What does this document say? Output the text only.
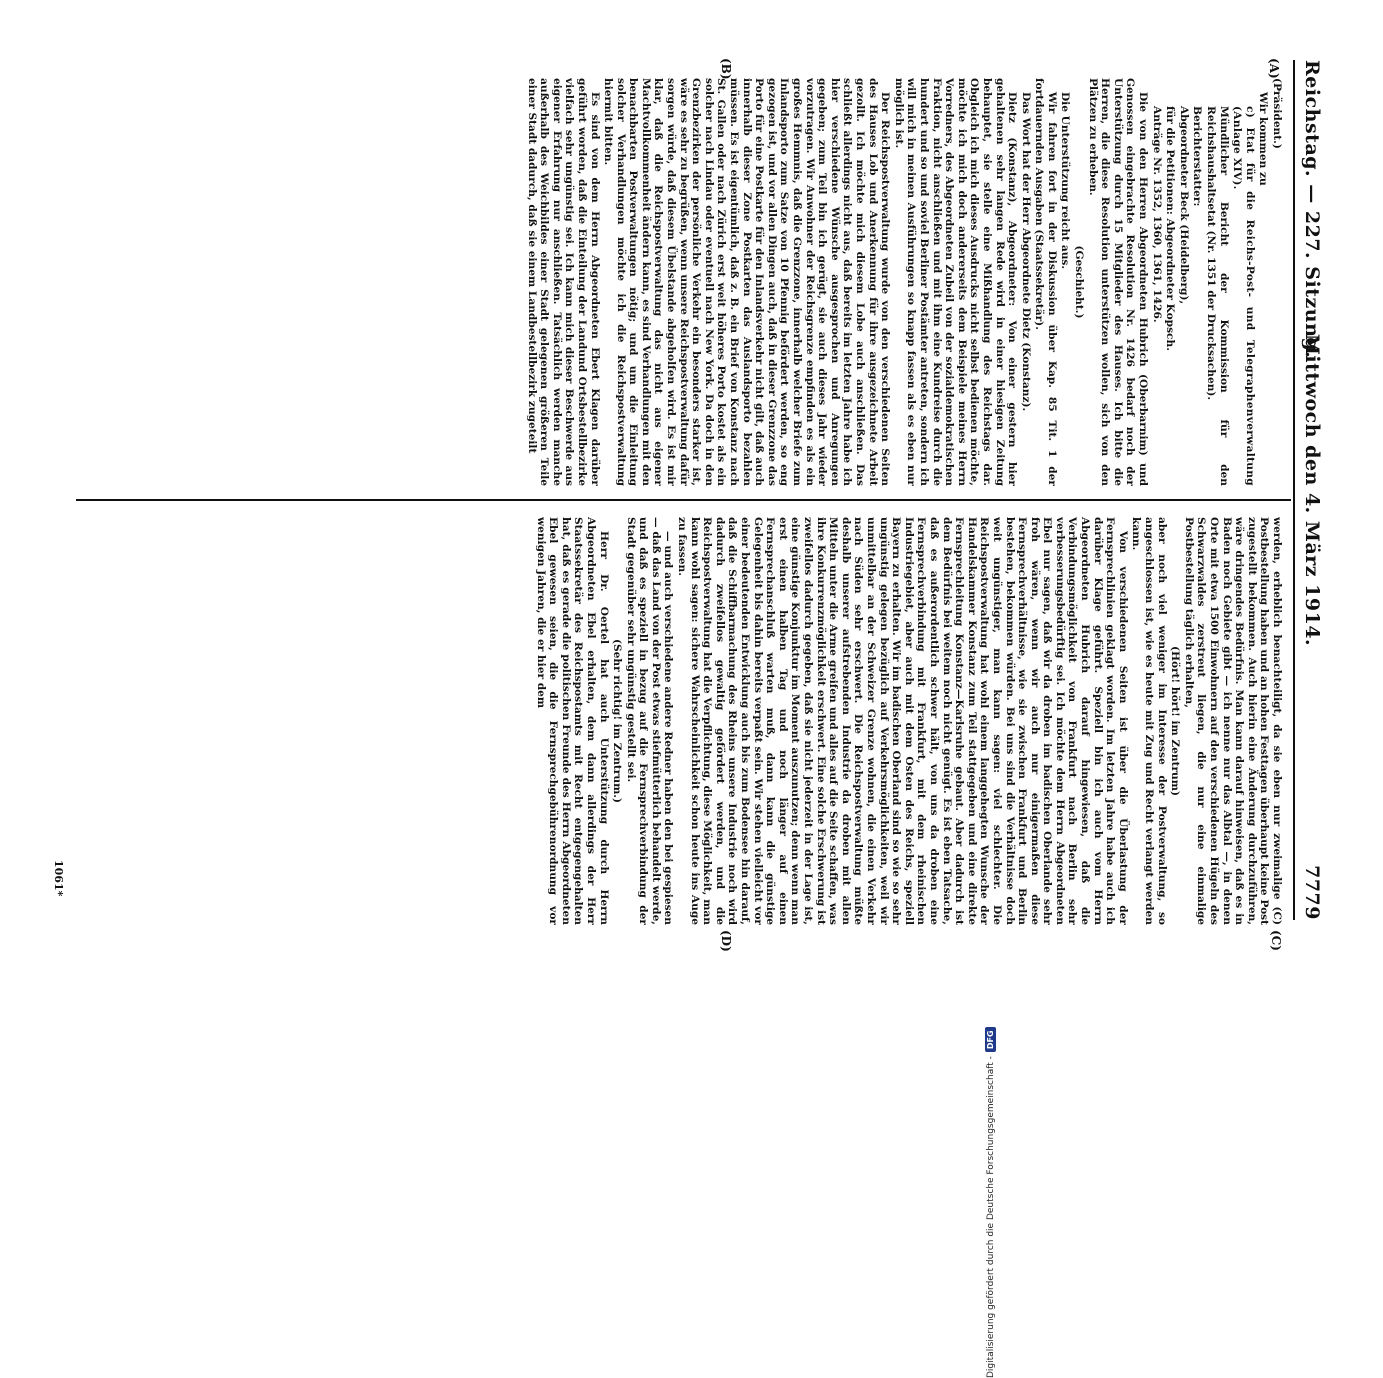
Reichstag. — 227. Sitzung.
Mittwoch den 4. März 1914.
7779
(A)
(B)
(C)
(D)

(Präsident.)

Wir kommen zu

c) Etat für die Reichs-Post- und Telegraphenverwaltung (Anlage XIV).

Mündlicher Bericht der Kommission für den Reichshaushaltsetat (Nr. 1351 der Drucksachen).

Berichterstatter:

Abgeordneter Beck (Heidelberg),

für die Petitionen: Abgeordneter Kopsch.

Anträge Nr. 1352, 1360, 1361, 1426.

Die von den Herren Abgeordneten Hubrich (Oberbarnim) und Genossen eingebrachte Resolution Nr. 1426 bedarf noch der Unterstützung durch 15 Mitglieder des Hauses. Ich bitte die Herren, die diese Resolution unterstützen wollen, sich von den Plätzen zu erheben.

(Geschieht.)

Die Unterstützung reicht aus.

Wir fahren fort in der Diskussion über Kap. 85 Tit. 1 der fortdauernden Ausgaben (Staatssekretär).

Das Wort hat der Herr Abgeordnete Dietz (Konstanz).

Dietz (Konstanz), Abgeordneter: Von einer gestern hier gehaltenen sehr langen Rede wird in einer hiesigen Zeitung behauptet, sie stelle eine Mißhandlung des Reichstags dar. Obgleich ich mich dieses Ausdrucks nicht selbst bedienen möchte, möchte ich mich doch andererseits dem Beispiele meines Herrn Vorredners, des Abgeordneten Zubeil von der sozialdemokratischen Fraktion, nicht anschließen und mit ihm eine Kundreise durch die hundert und so und soviel Berliner Postämter antreten, sondern ich will mich in meinen Ausführungen so knapp fassen als es eben nur möglich ist.

Der Reichspostverwaltung wurde von den verschiedenen Seiten des Hauses Lob und Anerkennung für ihre ausgezeichnete Arbeit gezollt. Ich möchte mich diesem Lobe auch anschließen. Das schließt allerdings nicht aus, daß bereits im letzten Jahre habe ich hier verschiedene Wünsche ausgesprochen und Anregungen gegeben; zum Teil bin ich gerügt, sie auch dieses Jahr wieder vorzutragen. Wir Anwohner der Reichsgrenze empfinden es als ein großes Hemmnis, daß die Grenzzone, innerhalb welcher Briefe zum Inlandsporto zum Satze von 10 Pfennig befördert werden, so eng gezogen ist, und vor allen Dingen auch, daß in dieser Grenzzone das Porto für eine Postkarte für den Inlandsverkehr nicht gilt, daß auch innerhalb dieser Zone Postkarten das Auslandsporto bezahlen müssen. Es ist eigentümlich, daß z. B. ein Brief von Konstanz nach St. Gallen oder nach Zürich erst weit höheres Porto kostet als ein solcher nach Lindau oder eventuell nach New York. Da doch in den Grenzbezirken der persönliche Verkehr ein besonders starker ist, wäre es sehr zu begrüßen, wenn unsere Reichspostverwaltung dafür sorgen würde, daß diesem Übelstande abgeholfen wird. Es ist mir klar, daß die Reichspostverwaltung das nicht aus eigener Machtvollkommenheit ändern kann, es sind Verhandlungen mit den benachbarten Postverwaltungen nötig; und um die Einleitung solcher Verhandlungen möchte ich die Reichspostverwaltung hiermit bitten.

Es sind von dem Herrn Abgeordneten Ebert Klagen darüber geführt worden, daß die Einteilung der Landund Ortsbestellbezirke vielfach sehr ungünstig sei. Ich kann mich dieser Beschwerde aus eigener Erfahrung nur anschließen. Tatsächlich werden manche außerhalb des Weichbildes einer Stadt gelegenen größeren Teile einer Stadt dadurch, daß sie einem Landbestellbezirk zugeteilt

werden, erheblich benachteiligt, da sie eben nur zweimalige (C) Postbestellung haben und an hohen Festtagen überhaupt keine Post zugestellt bekommen. Auch hierin eine Änderung durchzuführen, wäre dringendes Bedürfnis. Man kann darauf hinweisen, daß es in Baden noch Gebiete gibt — ich nenne nur das Albtal —, in denen Orte mit etwa 1500 Einwohnern auf den verschiedenen Hügeln des Schwarzwaldes zerstreut liegen, die nur eine einmalige Postbestellung täglich erhalten,

(Hört! hört! im Zentrum)

aber noch viel weniger im Interesse der Postverwaltung, so angeschlossen ist, wie es heute mit Zug und Recht verlangt werden kann.

Von verschiedenen Seiten ist über die Überlastung der Fernsprechlinien geklagt worden. Im letzten Jahre habe auch ich darüber Klage geführt. Speziell bin ich auch vom Herrn Abgeordneten Hubrich darauf hingewiesen, daß die Verbindungsmöglichkeit von Frankfurt nach Berlin sehr verbesserungsbedürftig sei. Ich möchte dem Herrn Abgeordneten Ebel nur sagen, daß wir da droben im badischen Oberlande sehr froh wären, wenn wir auch nur einigermaßen diese Fernsprechverhältnisse, wie sie zwischen Frankfurt und Berlin bestehen, bekommen würden. Bei uns sind die Verhältnisse doch weit ungünstiger, man kann sagen: viel schlechter. Die Reichspostverwaltung hat wohl einem langgehegten Wunsche der Handelskammer Konstanz zum Teil stattgegeben und eine direkte Fernsprechleitung Konstanz—Karlsruhe gebaut. Aber dadurch ist dem Bedürfnis bei weitem noch nicht genügt. Es ist eben Tatsache, daß es außerordentlich schwer hält, von uns da droben eine Fernsprechverbindung mit Frankfurt, mit dem rheinischen Industriegebiet, aber auch mit dem Osten des Reichs, speziell Bayern zu erhalten. Wir im badischen Oberland sind so wie so sehr ungünstig gelegen bezüglich auf Verkehrsmöglichkeiten, weil wir unmittelbar an der Schweizer Grenze wohnen, die einen Verkehr nach Süden sehr erschwert. Die Reichspostverwaltung müßte deshalb unserer aufstrebenden Industrie da droben mit allen Mitteln unter die Arme greifen und alles auf die Seite schaffen, was ihre Konkurrenzmöglichkeit erschwert. Eine solche Erschwerung ist zweifellos dadurch gegeben, daß sie nicht jederzeit in der Lage ist, eine günstige Konjunktur im Moment auszunutzen; denn wenn man erst einen halben Tag und noch länger auf einen Fernsprechanschluß warten muß, dann kann die günstige Gelegenheit bis dahin bereits verpaßt sein. Wir stehen vielleicht vor einer bedeutenden Entwicklung auch bis zum Bodensee hin darauf, daß die Schiffbarmachung des Rheins unsere Industrie noch wird dadurch zweifellos gewaltig gefördert werden, und die Reichspostverwaltung hat die Verpflichtung, diese Möglichkeit, man kann wohl sagen: sichere Wahrscheinlichkeit schon heute ins Auge zu fassen.

— und auch verschiedene andere Redner haben den bei gespiesen — daß das Land von der Post etwas stiefmütterlich behandelt werde, und daß es speziell in bezug auf die Fernsprechverbindung der Stadt gegenüber sehr ungünstig gestellt sei.

(Sehr richtig! im Zentrum.)

Herr Dr. Oertel hat auch Unterstützung durch Herrn Abgeordneten Ebel erhalten, dem dann allerdings der Herr Staatssekretär des Reichspostamts mit Recht entgegengehalten hat, daß es gerade die politischen Freunde des Herrn Abgeordneten Ebel gewesen seien, die die Fernsprechgebührenordnung vor wenigen Jahren, die er hier dem

1061*
Digitalisierung gefördert durch die Deutsche Forschungsgemeinschaft -
DFG
